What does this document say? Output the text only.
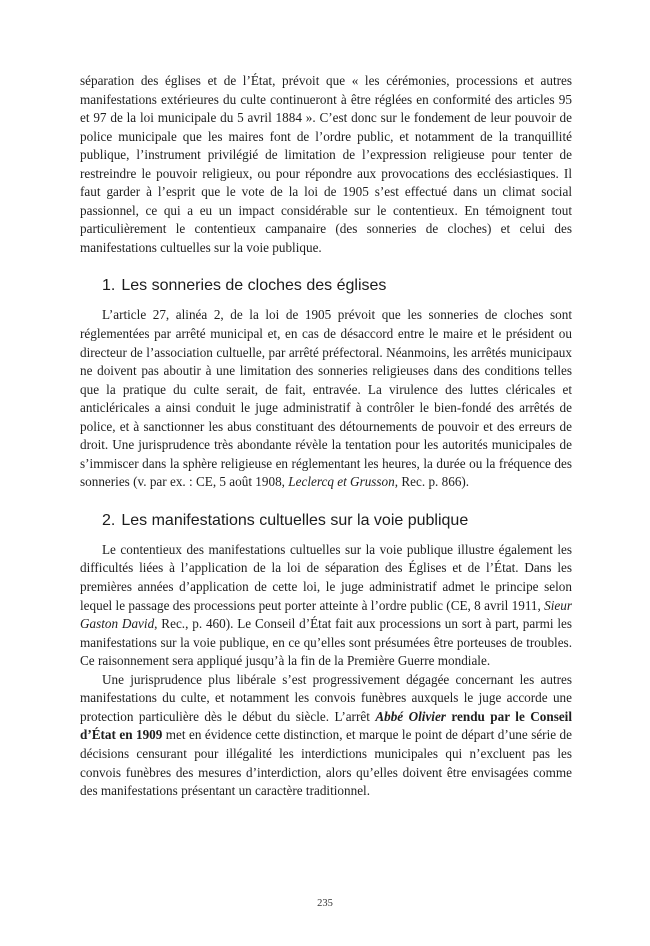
séparation des églises et de l’État, prévoit que « les cérémonies, processions et autres manifestations extérieures du culte continueront à être réglées en conformité des articles 95 et 97 de la loi municipale du 5 avril 1884 ». C’est donc sur le fondement de leur pouvoir de police municipale que les maires font de l’ordre public, et notamment de la tranquillité publique, l’instrument privilégié de limitation de l’expression religieuse pour tenter de restreindre le pouvoir religieux, ou pour répondre aux provocations des ecclésiastiques. Il faut garder à l’esprit que le vote de la loi de 1905 s’est effectué dans un climat social passionnel, ce qui a eu un impact considérable sur le contentieux. En témoignent tout particulièrement le contentieux campanaire (des sonneries de cloches) et celui des manifestations cultuelles sur la voie publique.

1. Les sonneries de cloches des églises

L’article 27, alinéa 2, de la loi de 1905 prévoit que les sonneries de cloches sont réglementées par arrêté municipal et, en cas de désaccord entre le maire et le président ou directeur de l’association cultuelle, par arrêté préfectoral. Néanmoins, les arrêtés municipaux ne doivent pas aboutir à une limitation des sonneries religieuses dans des conditions telles que la pratique du culte serait, de fait, entravée. La virulence des luttes cléricales et anticléricales a ainsi conduit le juge administratif à contrôler le bien-fondé des arrêtés de police, et à sanctionner les abus constituant des détournements de pouvoir et des erreurs de droit. Une jurisprudence très abondante révèle la tentation pour les autorités municipales de s’immiscer dans la sphère religieuse en réglementant les heures, la durée ou la fréquence des sonneries (v. par ex. : CE, 5 août 1908, Leclercq et Grusson, Rec. p. 866).

2. Les manifestations cultuelles sur la voie publique

Le contentieux des manifestations cultuelles sur la voie publique illustre également les difficultés liées à l’application de la loi de séparation des Églises et de l’État. Dans les premières années d’application de cette loi, le juge administratif admet le principe selon lequel le passage des processions peut porter atteinte à l’ordre public (CE, 8 avril 1911, Sieur Gaston David, Rec., p. 460). Le Conseil d’État fait aux processions un sort à part, parmi les manifestations sur la voie publique, en ce qu’elles sont présumées être porteuses de troubles. Ce raisonnement sera appliqué jusqu’à la fin de la Première Guerre mondiale.

Une jurisprudence plus libérale s’est progressivement dégagée concernant les autres manifestations du culte, et notamment les convois funèbres auxquels le juge accorde une protection particulière dès le début du siècle. L’arrêt Abbé Olivier rendu par le Conseil d’État en 1909 met en évidence cette distinction, et marque le point de départ d’une série de décisions censurant pour illégalité les interdictions municipales qui n’excluent pas les convois funèbres des mesures d’interdiction, alors qu’elles doivent être envisagées comme des manifestations présentant un caractère traditionnel.

235
